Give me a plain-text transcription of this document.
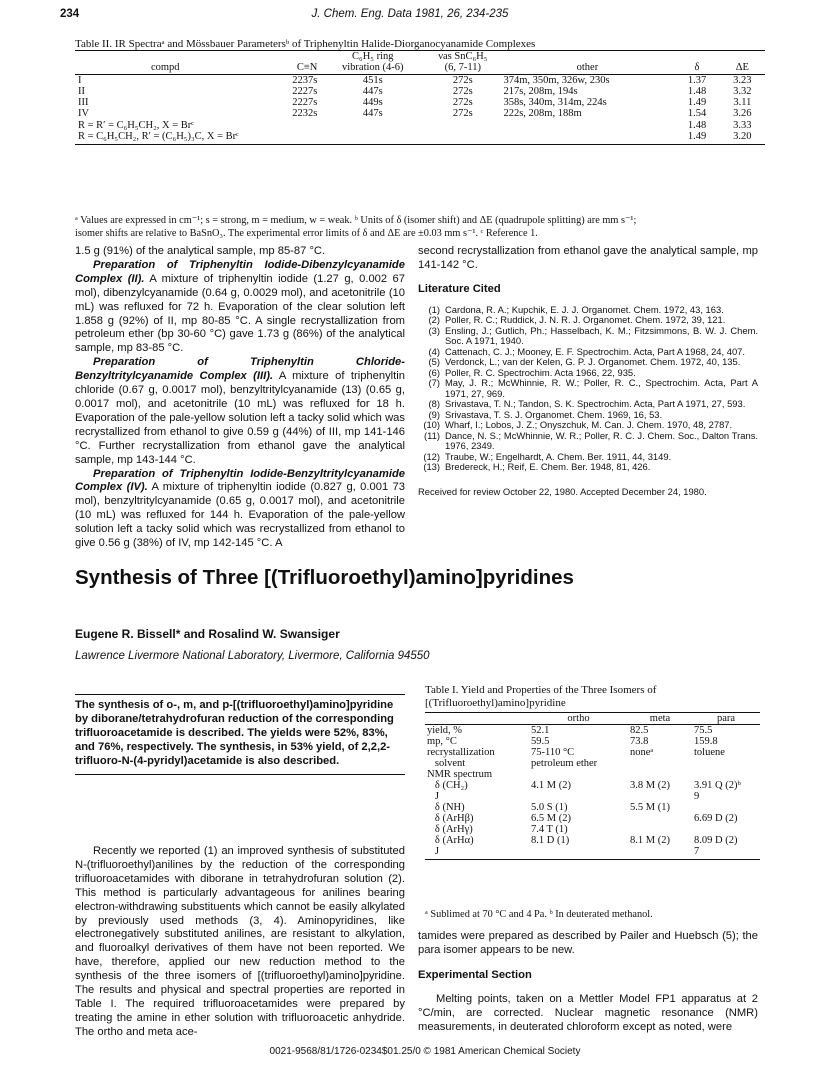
234	J. Chem. Eng. Data 1981, 26, 234-235
Table II. IR Spectraᵃ and Mössbauer Parametersᵇ of Triphenyltin Halide-Diorganocyanamide Complexes
		C₆H₅ ring	νas SnC₆H₅			
compd	C≡N	vibration (4-6)	(6, 7-11)	other	δ	ΔE
I	2237s	451s	272s	374m, 350m, 326w, 230s	1.37	3.23
II	2227s	447s	272s	217s, 208m, 194s	1.48	3.32
III	2227s	449s	272s	358s, 340m, 314m, 224s	1.49	3.11
IV	2232s	447s	272s	222s, 208m, 188m	1.54	3.26
R = R′ = C₆H₅CH₂, X = Brᶜ					1.48	3.33
R = C₆H₅CH₂, R′ = (C₆H₅)₃C, X = Brᶜ					1.49	3.20
ᵃ Values are expressed in cm⁻¹; s = strong, m = medium, w = weak. ᵇ Units of δ (isomer shift) and ΔE (quadrupole splitting) are mm s⁻¹;
isomer shifts are relative to BaSnO₃. The experimental error limits of δ and ΔE are ±0.03 mm s⁻¹. ᶜ Reference 1.

1.5 g (91%) of the analytical sample, mp 85-87 °C.

Preparation of Triphenyltin Iodide-Dibenzylcyanamide Complex (II). A mixture of triphenyltin iodide (1.27 g, 0.002 67 mol), dibenzylcyanamide (0.64 g, 0.0029 mol), and acetonitrile (10 mL) was refluxed for 72 h. Evaporation of the clear solution left 1.858 g (92%) of II, mp 80-85 °C. A single recrystallization from petroleum ether (bp 30-60 °C) gave 1.73 g (86%) of the analytical sample, mp 83-85 °C.

Preparation of Triphenyltin Chloride-Benzyltritylcyanamide Complex (III). A mixture of triphenyltin chloride (0.67 g, 0.0017 mol), benzyltritylcyanamide (13) (0.65 g, 0.0017 mol), and acetonitrile (10 mL) was refluxed for 18 h. Evaporation of the pale-yellow solution left a tacky solid which was recrystallized from ethanol to give 0.59 g (44%) of III, mp 141-146 °C. Further recrystallization from ethanol gave the analytical sample, mp 143-144 °C.

Preparation of Triphenyltin Iodide-Benzyltritylcyanamide Complex (IV). A mixture of triphenyltin iodide (0.827 g, 0.001 73 mol), benzyltritylcyanamide (0.65 g, 0.0017 mol), and acetonitrile (10 mL) was refluxed for 144 h. Evaporation of the pale-yellow solution left a tacky solid which was recrystallized from ethanol to give 0.56 g (38%) of IV, mp 142-145 °C. A

second recrystallization from ethanol gave the analytical sample, mp 141-142 °C.

Literature Cited
(1) Cardona, R. A.; Kupchik, E. J. J. Organomet. Chem. 1972, 43, 163.
(2) Poller, R. C.; Ruddick, J. N. R. J. Organomet. Chem. 1972, 39, 121.
(3) Ensling, J.; Gutlich, Ph.; Hasselbach, K. M.; Fitzsimmons, B. W. J. Chem. Soc. A 1971, 1940.
(4) Cattenach, C. J.; Mooney, E. F. Spectrochim. Acta, Part A 1968, 24, 407.
(5) Verdonck, L.; van der Kelen, G. P. J. Organomet. Chem. 1972, 40, 135.
(6) Poller, R. C. Spectrochim. Acta 1966, 22, 935.
(7) May, J. R.; McWhinnie, R. W.; Poller, R. C., Spectrochim. Acta, Part A 1971, 27, 969.
(8) Srivastava, T. N.; Tandon, S. K. Spectrochim. Acta, Part A 1971, 27, 593.
(9) Srivastava, T. S. J. Organomet. Chem. 1969, 16, 53.
(10) Wharf, I.; Lobos, J. Z.; Onyszchuk, M. Can. J. Chem. 1970, 48, 2787.
(11) Dance, N. S.; McWhinnie, W. R.; Poller, R. C. J. Chem. Soc., Dalton Trans. 1976, 2349.
(12) Traube, W.; Engelhardt, A. Chem. Ber. 1911, 44, 3149.
(13) Bredereck, H.; Reif, E. Chem. Ber. 1948, 81, 426.
Received for review October 22, 1980. Accepted December 24, 1980.
Synthesis of Three [(Trifluoroethyl)amino]pyridines
Eugene R. Bissell* and Rosalind W. Swansiger
Lawrence Livermore National Laboratory, Livermore, California 94550
The synthesis of o-, m, and p-[(trifluoroethyl)amino]pyridine by diborane/tetrahydrofuran reduction of the corresponding trifluoroacetamide is described. The yields were 52%, 83%, and 76%, respectively. The synthesis, in 53% yield, of 2,2,2-trifluoro-N-(4-pyridyl)acetamide is also described.

Recently we reported (1) an improved synthesis of substituted N-(trifluoroethyl)anilines by the reduction of the corresponding trifluoroacetamides with diborane in tetrahydrofuran solution (2). This method is particularly advantageous for anilines bearing electron-withdrawing substituents which cannot be easily alkylated by previously used methods (3, 4). Aminopyridines, like electronegatively substituted anilines, are resistant to alkylation, and fluoroalkyl derivatives of them have not been reported. We have, therefore, applied our new reduction method to the synthesis of the three isomers of [(trifluoroethyl)amino]pyridine. The results and physical and spectral properties are reported in Table I. The required trifluoroacetamides were prepared by treating the amine in ether solution with trifluoroacetic anhydride. The ortho and meta ace-

Table I. Yield and Properties of the Three Isomers of
[(Trifluoroethyl)amino]pyridine
	ortho	meta	para
yield, %	52.1	82.5	75.5
mp, °C	59.5	73.8	159.8
recrystallization	75-110 °C	noneᵃ	toluene
solvent	petroleum ether		
NMR spectrum			
δ (CH₂)	4.1 M (2)	3.8 M (2)	3.91 Q (2)ᵇ
J			9
δ (NH)	5.0 S (1)	5.5 M (1)	
δ (ArHβ)	6.5 M (2)		6.69 D (2)
δ (ArHγ)	7.4 T (1)		
δ (ArHα)	8.1 D (1)	8.1 M (2)	8.09 D (2)
J			7
ᵃ Sublimed at 70 °C and 4 Pa. ᵇ In deuterated methanol.

tamides were prepared as described by Pailer and Huebsch (5); the para isomer appears to be new.

Experimental Section

Melting points, taken on a Mettler Model FP1 apparatus at 2 °C/min, are corrected. Nuclear magnetic resonance (NMR) measurements, in deuterated chloroform except as noted, were

0021-9568/81/1726-0234$01.25/0 © 1981 American Chemical Society
